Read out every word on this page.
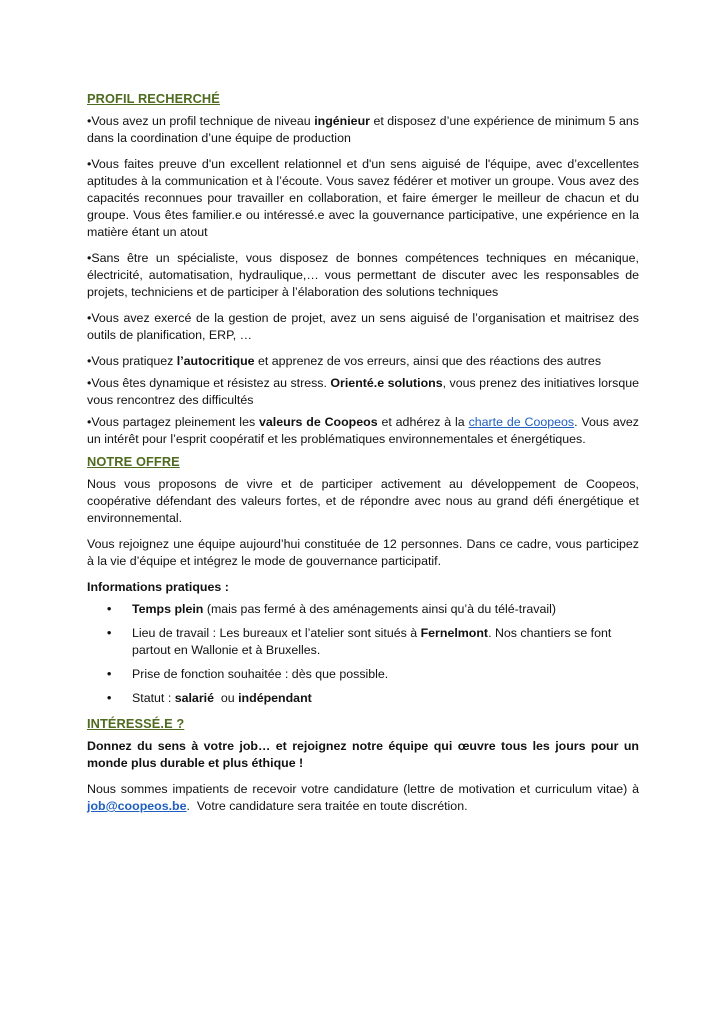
PROFIL RECHERCHÉ

•Vous avez un profil technique de niveau ingénieur et disposez d’une expérience de minimum 5 ans dans la coordination d’une équipe de production

•Vous faites preuve d'un excellent relationnel et d'un sens aiguisé de l'équipe, avec d’excellentes aptitudes à la communication et à l’écoute. Vous savez fédérer et motiver un groupe. Vous avez des capacités reconnues pour travailler en collaboration, et faire émerger le meilleur de chacun et du groupe. Vous êtes familier.e ou intéressé.e avec la gouvernance participative, une expérience en la matière étant un atout

•Sans être un spécialiste, vous disposez de bonnes compétences techniques en mécanique, électricité, automatisation, hydraulique,… vous permettant de discuter avec les responsables de projets, techniciens et de participer à l’élaboration des solutions techniques

•Vous avez exercé de la gestion de projet, avez un sens aiguisé de l’organisation et maitrisez des outils de planification, ERP, …

•Vous pratiquez l’autocritique et apprenez de vos erreurs, ainsi que des réactions des autres

•Vous êtes dynamique et résistez au stress. Orienté.e solutions, vous prenez des initiatives lorsque vous rencontrez des difficultés

•Vous partagez pleinement les valeurs de Coopeos et adhérez à la charte de Coopeos. Vous avez un intérêt pour l’esprit coopératif et les problématiques environnementales et énergétiques.

NOTRE OFFRE

Nous vous proposons de vivre et de participer activement au développement de Coopeos, coopérative défendant des valeurs fortes, et de répondre avec nous au grand défi énergétique et environnemental.

Vous rejoignez une équipe aujourd’hui constituée de 12 personnes. Dans ce cadre, vous participez à la vie d’équipe et intégrez le mode de gouvernance participatif.

Informations pratiques :

• Temps plein (mais pas fermé à des aménagements ainsi qu’à du télé-travail)
• Lieu de travail : Les bureaux et l’atelier sont situés à Fernelmont. Nos chantiers se font partout en Wallonie et à Bruxelles.
• Prise de fonction souhaitée : dès que possible.
• Statut : salarié  ou indépendant
INTÉRESSÉ.E ?

Donnez du sens à votre job… et rejoignez notre équipe qui œuvre tous les jours pour un monde plus durable et plus éthique !

Nous sommes impatients de recevoir votre candidature (lettre de motivation et curriculum vitae) à job@coopeos.be.  Votre candidature sera traitée en toute discrétion.
